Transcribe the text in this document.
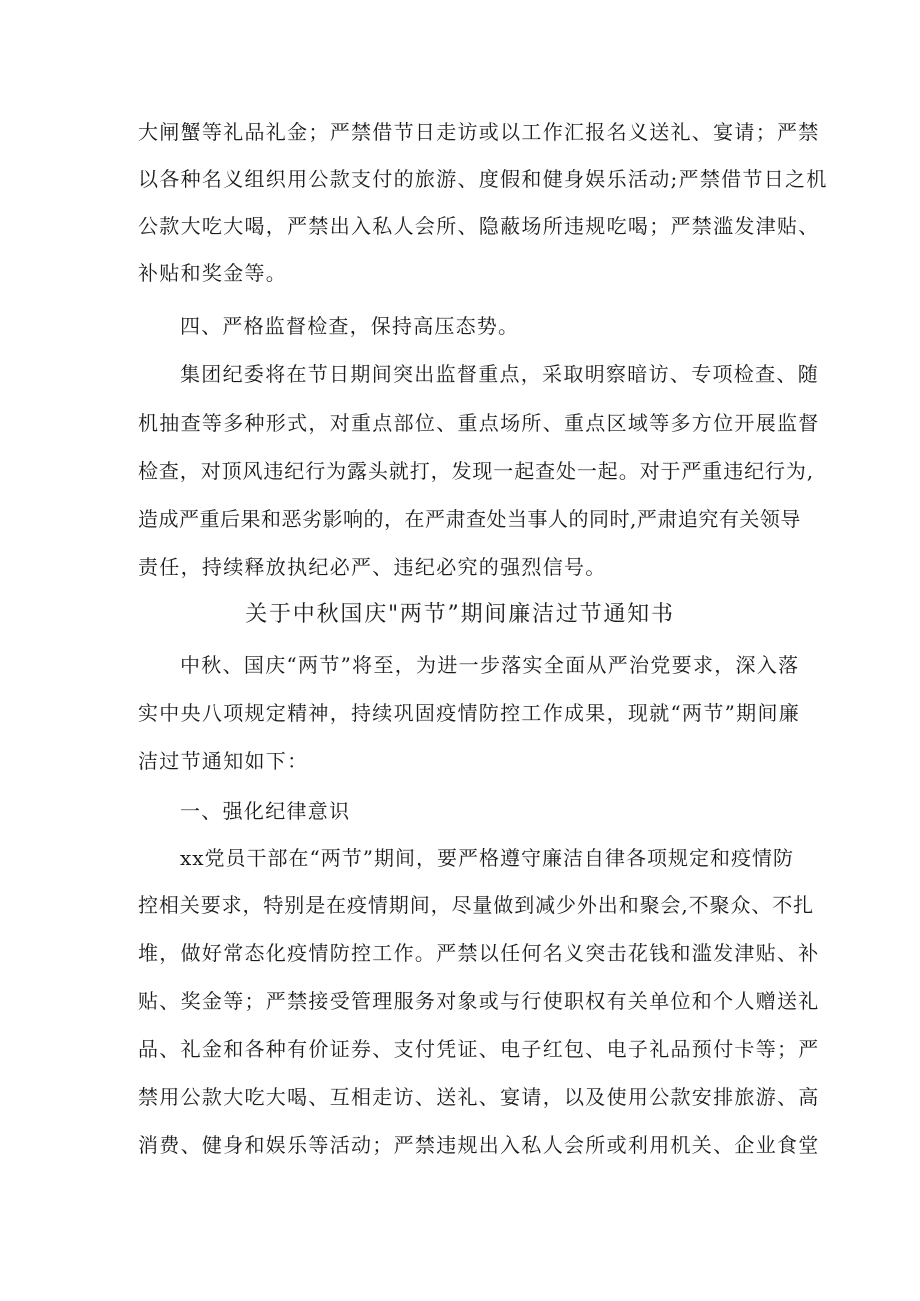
大闸蟹等礼品礼金；严禁借节日走访或以工作汇报名义送礼、宴请；严禁
以各种名义组织用公款支付的旅游、度假和健身娱乐活动;严禁借节日之机
公款大吃大喝，严禁出入私人会所、隐蔽场所违规吃喝；严禁滥发津贴、
补贴和奖金等。
四、严格监督检查，保持高压态势。
集团纪委将在节日期间突出监督重点，采取明察暗访、专项检查、随
机抽查等多种形式，对重点部位、重点场所、重点区域等多方位开展监督
检查，对顶风违纪行为露头就打，发现一起查处一起。对于严重违纪行为,
造成严重后果和恶劣影响的，在严肃查处当事人的同时,严肃追究有关领导
责任，持续释放执纪必严、违纪必究的强烈信号。
关于中秋国庆"两节”期间廉洁过节通知书
中秋、国庆“两节”将至，为进一步落实全面从严治党要求，深入落
实中央八项规定精神，持续巩固疫情防控工作成果，现就“两节”期间廉
洁过节通知如下：
一、强化纪律意识
xx党员干部在“两节”期间，要严格遵守廉洁自律各项规定和疫情防
控相关要求，特别是在疫情期间，尽量做到减少外出和聚会,不聚众、不扎
堆，做好常态化疫情防控工作。严禁以任何名义突击花钱和滥发津贴、补
贴、奖金等；严禁接受管理服务对象或与行使职权有关单位和个人赠送礼
品、礼金和各种有价证券、支付凭证、电子红包、电子礼品预付卡等；严
禁用公款大吃大喝、互相走访、送礼、宴请，以及使用公款安排旅游、高
消费、健身和娱乐等活动；严禁违规出入私人会所或利用机关、企业食堂
